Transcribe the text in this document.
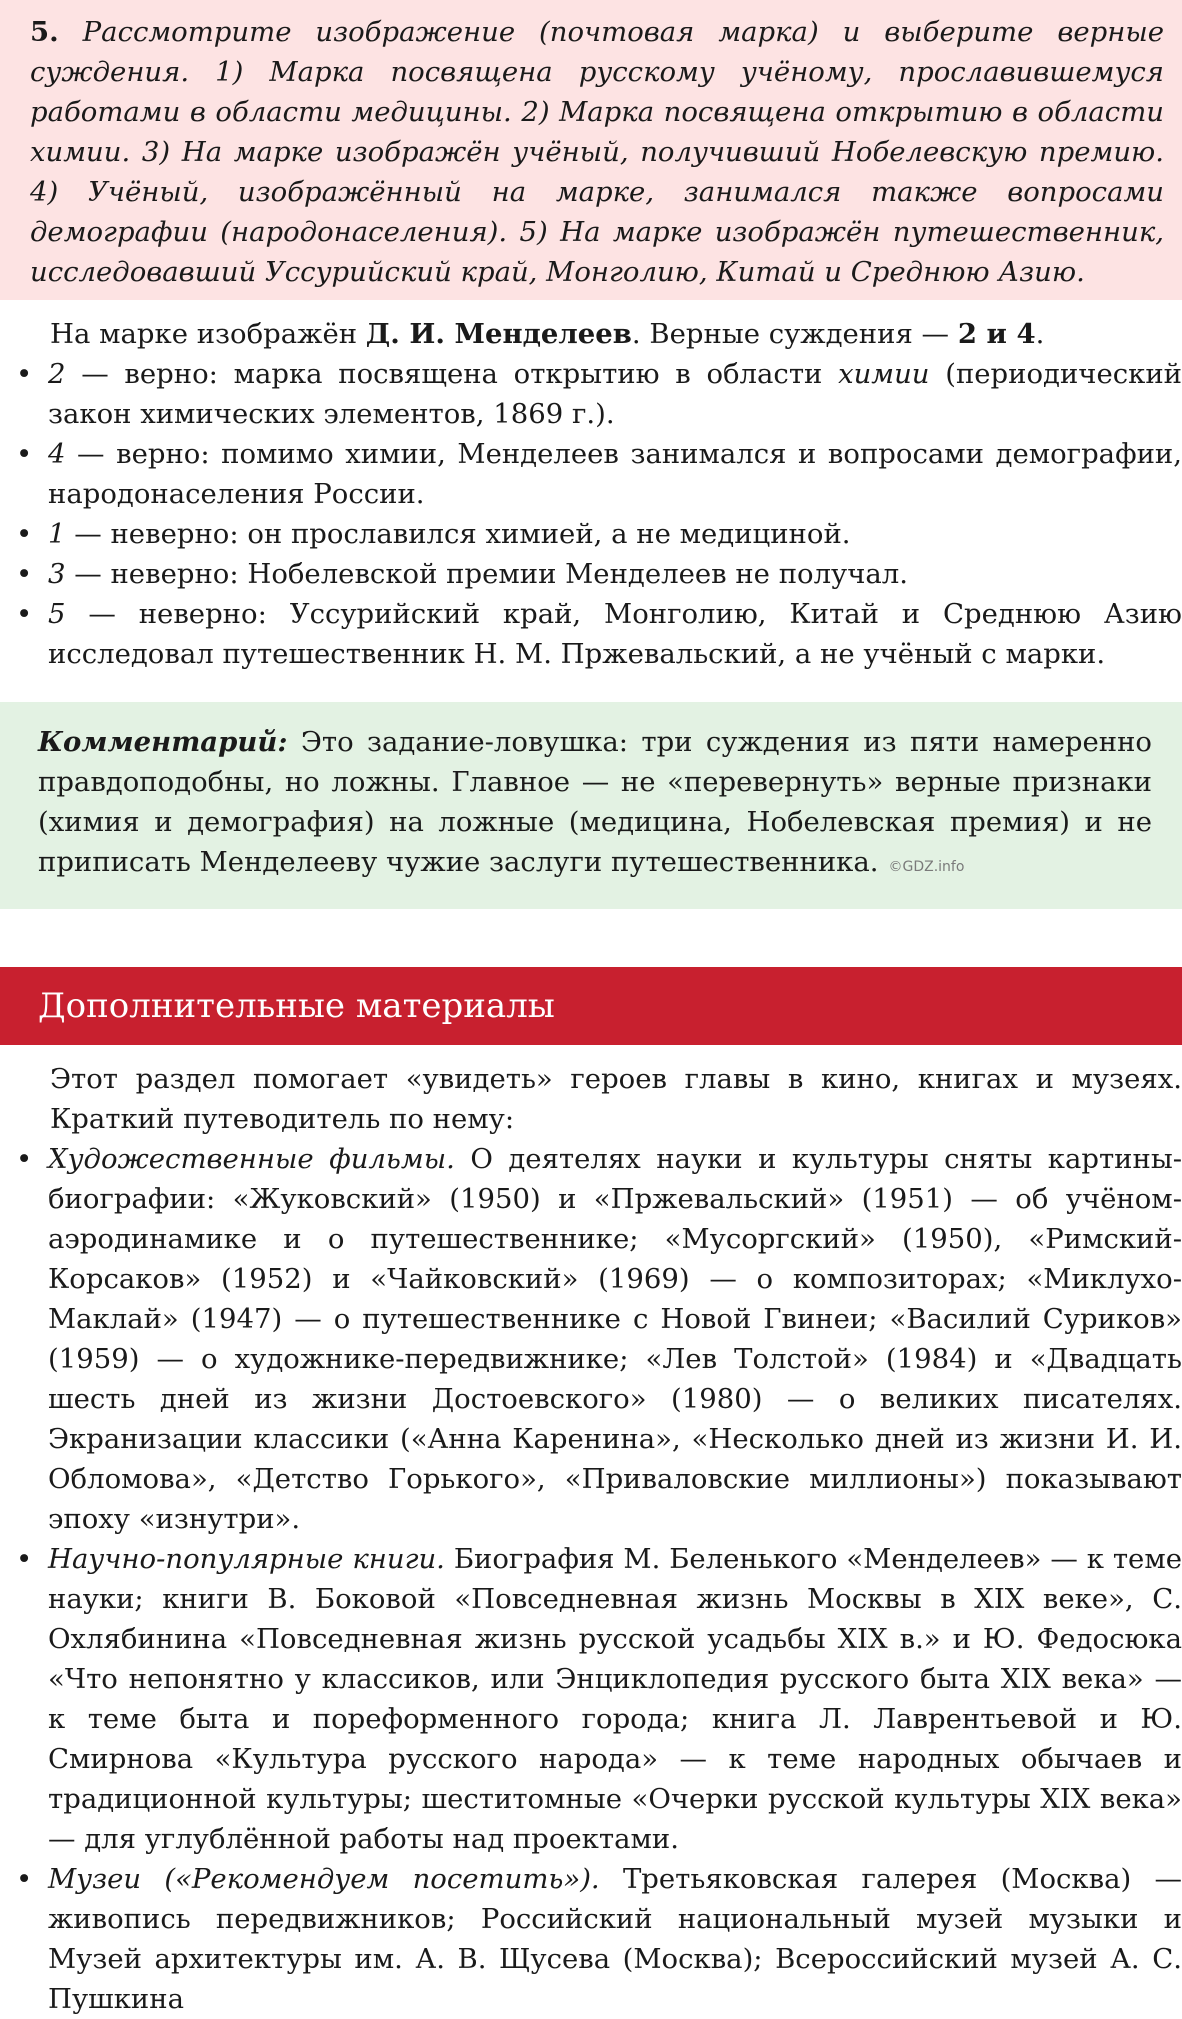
5. Рассмотрите изображение (почтовая марка) и выберите верные суждения. 1) Марка посвящена русскому учёному, прославившемуся работами в области медицины. 2) Марка посвящена открытию в области химии. 3) На марке изображён учёный, получивший Нобелевскую премию. 4) Учёный, изображённый на марке, занимался также вопросами демографии (народонаселения). 5) На марке изображён путешественник, исследовавший Уссурийский край, Монголию, Китай и Среднюю Азию.
На марке изображён Д. И. Менделеев. Верные суждения — 2 и 4.
• 2 — верно: марка посвящена открытию в области химии (периодический закон химических элементов, 1869 г.).
• 4 — верно: помимо химии, Менделеев занимался и вопросами демографии, народонаселения России.
• 1 — неверно: он прославился химией, а не медициной.
• 3 — неверно: Нобелевской премии Менделеев не получал.
• 5 — неверно: Уссурийский край, Монголию, Китай и Среднюю Азию исследовал путешественник Н. М. Пржевальский, а не учёный с марки.
Комментарий: Это задание-ловушка: три суждения из пяти намеренно правдоподобны, но ложны. Главное — не «перевернуть» верные признаки (химия и демография) на ложные (медицина, Нобелевская премия) и не приписать Менделееву чужие заслуги путешественника. ©GDZ.info
Дополнительные материалы
Этот раздел помогает «увидеть» героев главы в кино, книгах и музеях. Краткий путеводитель по нему:
• Художественные фильмы. О деятелях науки и культуры сняты картины-биографии: «Жуковский» (1950) и «Пржевальский» (1951) — об учёном-аэродинамике и о путешественнике; «Мусоргский» (1950), «Римский-Корсаков» (1952) и «Чайковский» (1969) — о композиторах; «Миклухо-Маклай» (1947) — о путешественнике с Новой Гвинеи; «Василий Суриков» (1959) — о художнике-передвижнике; «Лев Толстой» (1984) и «Двадцать шесть дней из жизни Достоевского» (1980) — о великих писателях. Экранизации классики («Анна Каренина», «Несколько дней из жизни И. И. Обломова», «Детство Горького», «Приваловские миллионы») показывают эпоху «изнутри».
• Научно-популярные книги. Биография М. Беленького «Менделеев» — к теме науки; книги В. Боковой «Повседневная жизнь Москвы в XIX веке», С. Охлябинина «Повседневная жизнь русской усадьбы XIX в.» и Ю. Федосюка «Что непонятно у классиков, или Энциклопедия русского быта XIX века» — к теме быта и пореформенного города; книга Л. Лаврентьевой и Ю. Смирнова «Культура русского народа» — к теме народных обычаев и традиционной культуры; шеститомные «Очерки русской культуры XIX века» — для углублённой работы над проектами.
• Музеи («Рекомендуем посетить»). Третьяковская галерея (Москва) — живопись передвижников; Российский национальный музей музыки и Музей архитектуры им. А. В. Щусева (Москва); Всероссийский музей А. С. Пушкина
